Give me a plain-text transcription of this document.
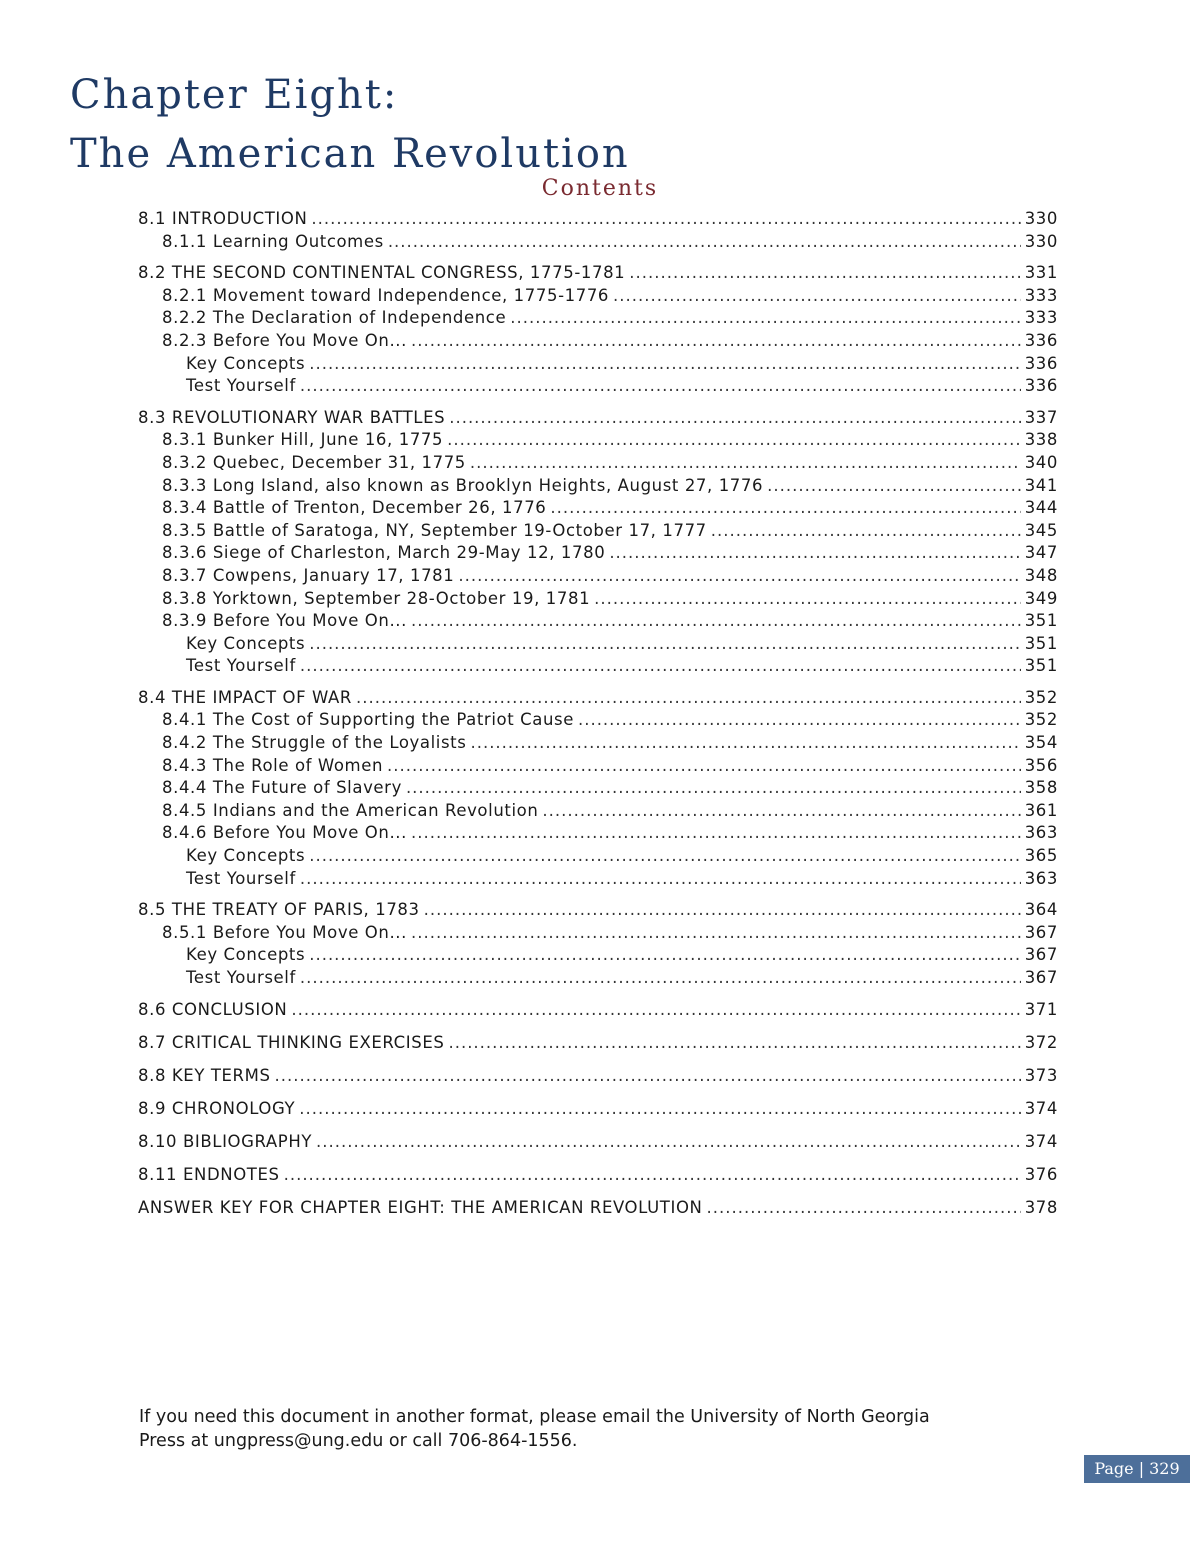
Chapter Eight:
The American Revolution
Contents
8.1 INTRODUCTION .....	330
8.1.1 Learning Outcomes .....	330
8.2 THE SECOND CONTINENTAL CONGRESS, 1775-1781 .....	331
8.2.1 Movement toward Independence, 1775-1776 .....	333
8.2.2 The Declaration of Independence .....	333
8.2.3 Before You Move On... .....	336
Key Concepts .....	336
Test Yourself .....	336
8.3 REVOLUTIONARY WAR BATTLES .....	337
8.3.1 Bunker Hill, June 16, 1775 .....	338
8.3.2 Quebec, December 31, 1775 .....	340
8.3.3 Long Island, also known as Brooklyn Heights, August 27, 1776 .....	341
8.3.4 Battle of Trenton, December 26, 1776 .....	344
8.3.5 Battle of Saratoga, NY, September 19-October 17, 1777 .....	345
8.3.6 Siege of Charleston, March 29-May 12, 1780 .....	347
8.3.7 Cowpens, January 17, 1781 .....	348
8.3.8 Yorktown, September 28-October 19, 1781 .....	349
8.3.9 Before You Move On... .....	351
Key Concepts .....	351
Test Yourself .....	351
8.4 THE IMPACT OF WAR .....	352
8.4.1 The Cost of Supporting the Patriot Cause .....	352
8.4.2 The Struggle of the Loyalists .....	354
8.4.3 The Role of Women .....	356
8.4.4 The Future of Slavery .....	358
8.4.5 Indians and the American Revolution .....	361
8.4.6 Before You Move On... .....	363
Key Concepts .....	365
Test Yourself .....	363
8.5 THE TREATY OF PARIS, 1783 .....	364
8.5.1 Before You Move On... .....	367
Key Concepts .....	367
Test Yourself .....	367
8.6 CONCLUSION .....	371
8.7 CRITICAL THINKING EXERCISES .....	372
8.8 KEY TERMS .....	373
8.9 CHRONOLOGY .....	374
8.10 BIBLIOGRAPHY .....	374
8.11 ENDNOTES .....	376
ANSWER KEY FOR CHAPTER EIGHT: THE AMERICAN REVOLUTION .....	378

If you need this document in another format, please email the University of North Georgia
Press at ungpress@ung.edu or call 706-864-1556.

Page | 329
